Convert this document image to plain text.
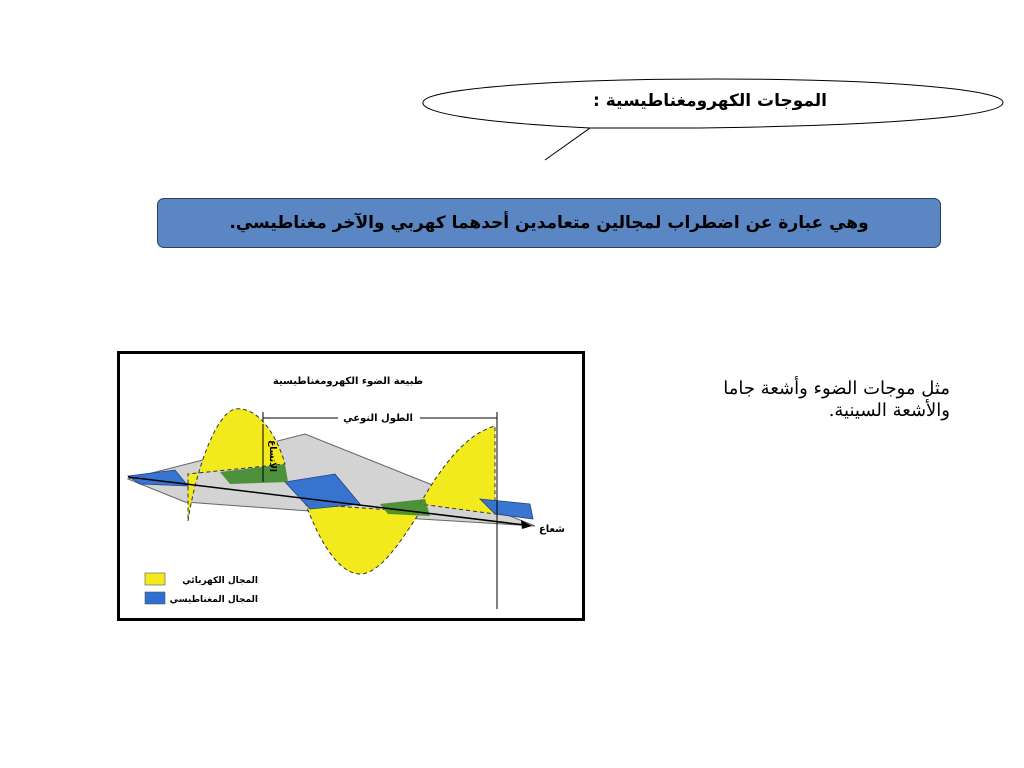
الموجات الكهرومغناطيسية :
وهي عبارة عن اضطراب لمجالين متعامدين أحدهما كهربي والآخر مغناطيسي.
مثل موجات الضوء وأشعة جاما والأشعة السينية.
طبيعة الضوء الكهرومغناطيسية
الطول النوعي
الاتساع
شعاع
المجال الكهربائي
المجال المغناطيسي
